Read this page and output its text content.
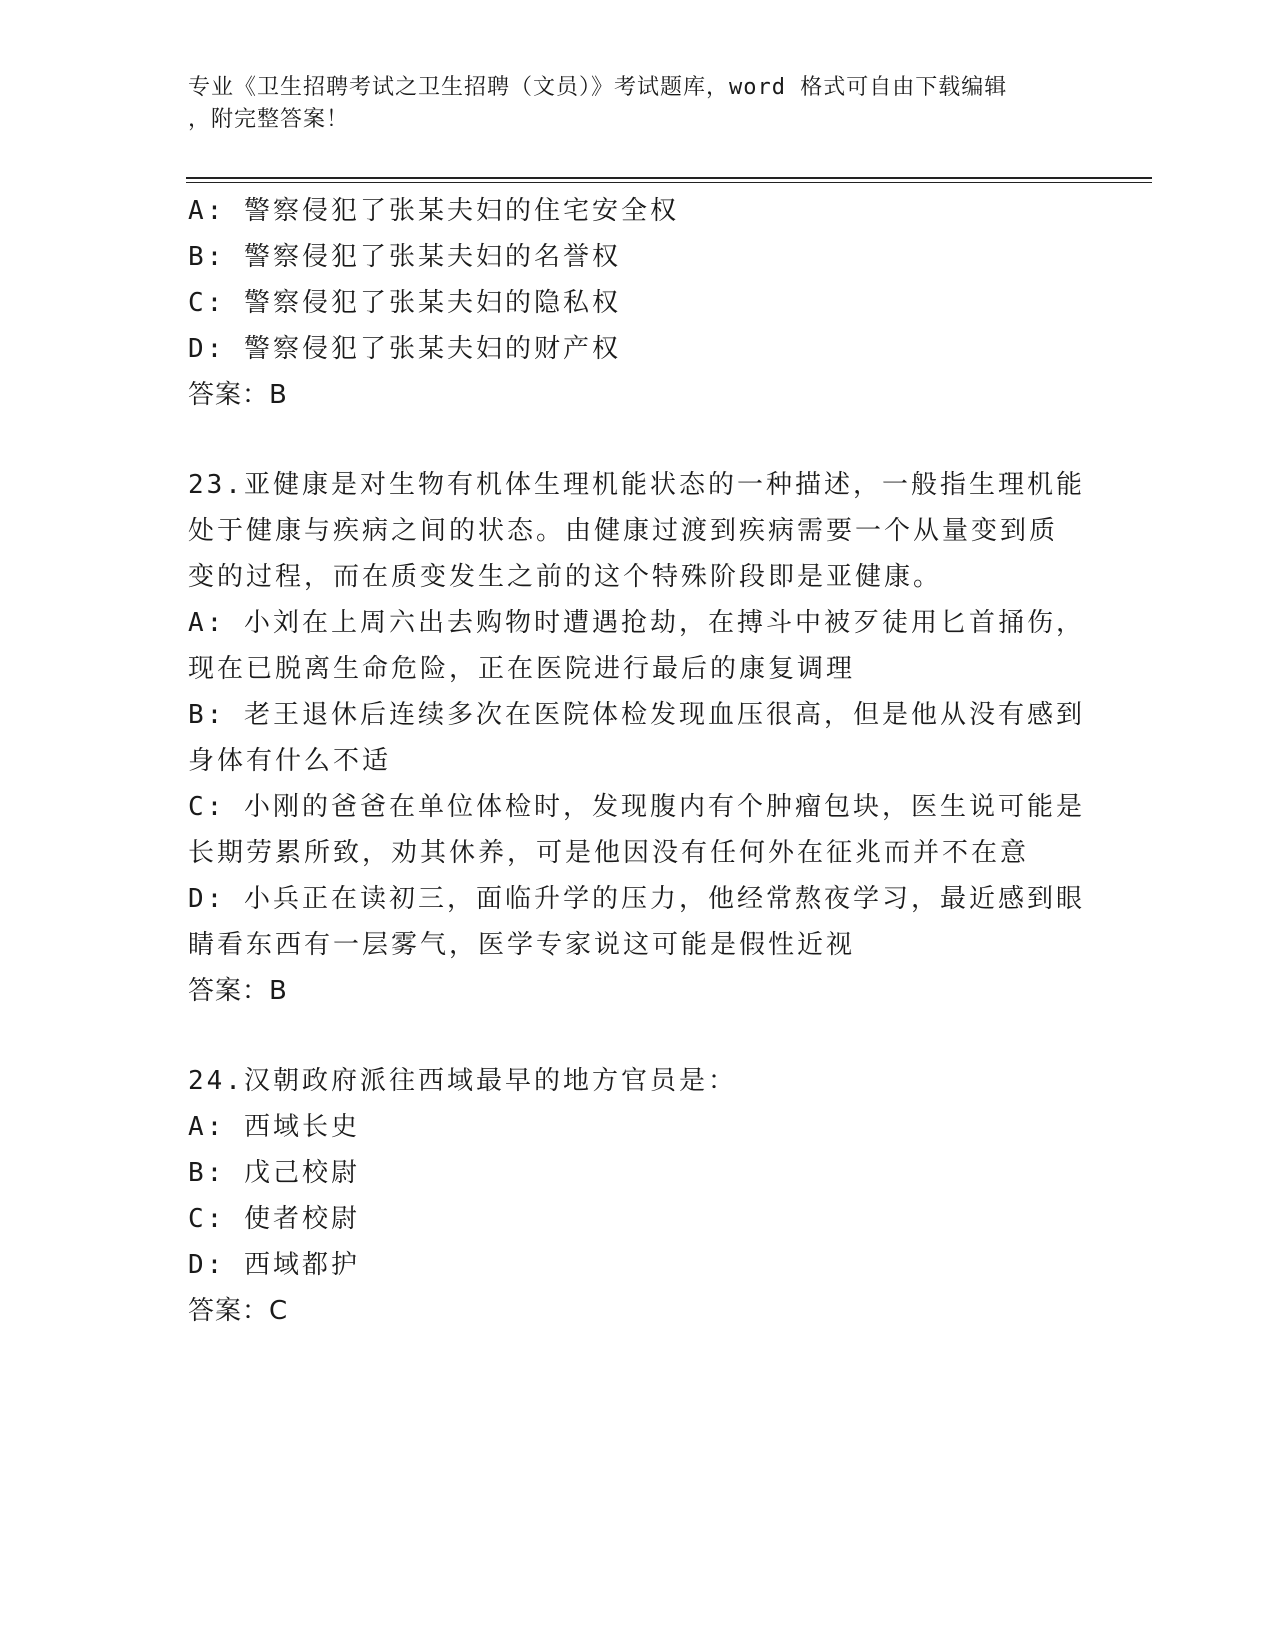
专业《卫生招聘考试之卫生招聘（文员）》考试题库，word 格式可自由下载编辑
，附完整答案！
A: 警察侵犯了张某夫妇的住宅安全权
B: 警察侵犯了张某夫妇的名誉权
C: 警察侵犯了张某夫妇的隐私权
D: 警察侵犯了张某夫妇的财产权
答案：B
23.亚健康是对生物有机体生理机能状态的一种描述，一般指生理机能
处于健康与疾病之间的状态。由健康过渡到疾病需要一个从量变到质
变的过程，而在质变发生之前的这个特殊阶段即是亚健康。
A: 小刘在上周六出去购物时遭遇抢劫，在搏斗中被歹徒用匕首捅伤，
现在已脱离生命危险，正在医院进行最后的康复调理
B: 老王退休后连续多次在医院体检发现血压很高，但是他从没有感到
身体有什么不适
C: 小刚的爸爸在单位体检时，发现腹内有个肿瘤包块，医生说可能是
长期劳累所致，劝其休养，可是他因没有任何外在征兆而并不在意
D: 小兵正在读初三，面临升学的压力，他经常熬夜学习，最近感到眼
睛看东西有一层雾气，医学专家说这可能是假性近视
答案：B
24.汉朝政府派往西域最早的地方官员是：
A: 西域长史
B: 戊己校尉
C: 使者校尉
D: 西域都护
答案：C
